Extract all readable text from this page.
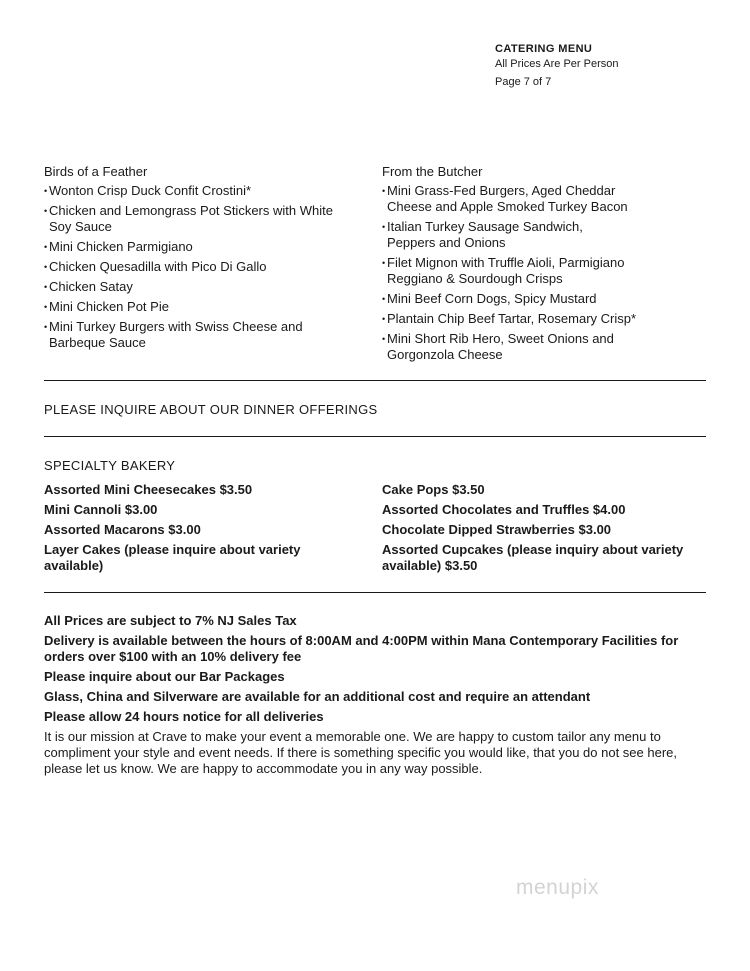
CATERING MENU
All Prices Are Per Person
Page 7 of 7
Birds of a Feather
• Wonton Crisp Duck Confit Crostini*
• Chicken and Lemongrass Pot Stickers with White Soy Sauce
• Mini Chicken Parmigiano
• Chicken Quesadilla with Pico Di Gallo
• Chicken Satay
• Mini Chicken Pot Pie
• Mini Turkey Burgers with Swiss Cheese and Barbeque Sauce
From the Butcher
• Mini Grass-Fed Burgers, Aged Cheddar Cheese and Apple Smoked Turkey Bacon
• Italian Turkey Sausage Sandwich, Peppers and Onions
• Filet Mignon with Truffle Aioli, Parmigiano Reggiano & Sourdough Crisps
• Mini Beef Corn Dogs, Spicy Mustard
• Plantain Chip Beef Tartar, Rosemary Crisp*
• Mini Short Rib Hero, Sweet Onions and Gorgonzola Cheese
PLEASE INQUIRE ABOUT OUR DINNER OFFERINGS
SPECIALTY BAKERY
Assorted Mini Cheesecakes $3.50
Mini Cannoli $3.00
Assorted Macarons $3.00
Layer Cakes (please inquire about variety available)
Cake Pops $3.50
Assorted Chocolates and Truffles $4.00
Chocolate Dipped Strawberries $3.00
Assorted Cupcakes (please inquiry about variety available) $3.50
All Prices are subject to 7% NJ Sales Tax
Delivery is available between the hours of 8:00AM and 4:00PM within Mana Contemporary Facilities for orders over $100 with an 10% delivery fee
Please inquire about our Bar Packages
Glass, China and Silverware are available for an additional cost and require an attendant
Please allow 24 hours notice for all deliveries
It is our mission at Crave to make your event a memorable one. We are happy to custom tailor any menu to compliment your style and event needs. If there is something specific you would like, that you do not see here, please let us know. We are happy to accommodate you in any way possible.
menupix
